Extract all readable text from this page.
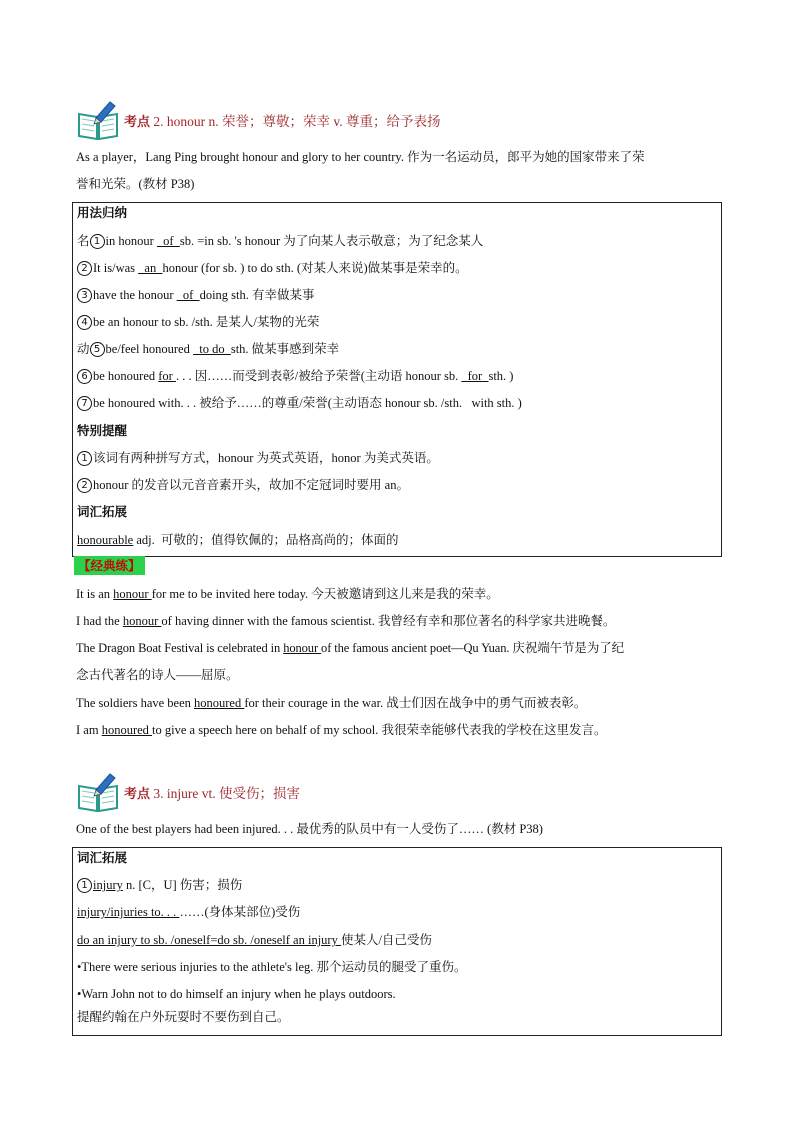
考点 2. honour n. 荣誉；尊敬；荣幸 v. 尊重；给予表扬
As a player，Lang Ping brought honour and glory to her country. 作为一名运动员，郎平为她的国家带来了荣
誉和光荣。(教材 P38)
用法归纳
名 1 in honour   of  sb. =in sb. 's honour 为了向某人表示敬意；为了纪念某人
2 It is/was   an  honour (for sb. ) to do sth. (对某人来说)做某事是荣幸的。
3 have the honour   of  doing sth. 有幸做某事
4 be an honour to sb. /sth. 是某人/某物的光荣
动 5 be/feel honoured   to do  sth. 做某事感到荣幸
6 be honoured for . . . 因……而受到表彰/被给予荣誉(主动语 honour sb.   for  sth. )
7 be honoured with. . . 被给予……的尊重/荣誉(主动语态 honour sb. /sth.   with sth. )
特别提醒
1 该词有两种拼写方式，honour 为英式英语，honor 为美式英语。
2 honour 的发音以元音音素开头，故加不定冠词时要用 an。
词汇拓展
honourable adj.  可敬的；值得钦佩的；品格高尚的；体面的
【经典练】
It is an honour for me to be invited here today. 今天被邀请到这儿来是我的荣幸。
I had the honour of having dinner with the famous scientist. 我曾经有幸和那位著名的科学家共进晚餐。
The Dragon Boat Festival is celebrated in honour of the famous ancient poet—Qu Yuan. 庆祝端午节是为了纪
念古代著名的诗人——屈原。
The soldiers have been honoured for their courage in the war. 战士们因在战争中的勇气而被表彰。
I am honoured to give a speech here on behalf of my school. 我很荣幸能够代表我的学校在这里发言。
考点 3. injure vt. 使受伤；损害
One of the best players had been injured. . . 最优秀的队员中有一人受伤了…… (教材 P38)
词汇拓展
1 injury n. [C，U] 伤害；损伤
injury/injuries to. . . ……(身体某部位)受伤
do an injury to sb. /oneself=do sb. /oneself an injury 使某人/自己受伤
•There were serious injuries to the athlete's leg. 那个运动员的腿受了重伤。
•Warn John not to do himself an injury when he plays outdoors.
提醒约翰在户外玩耍时不要伤到自己。
